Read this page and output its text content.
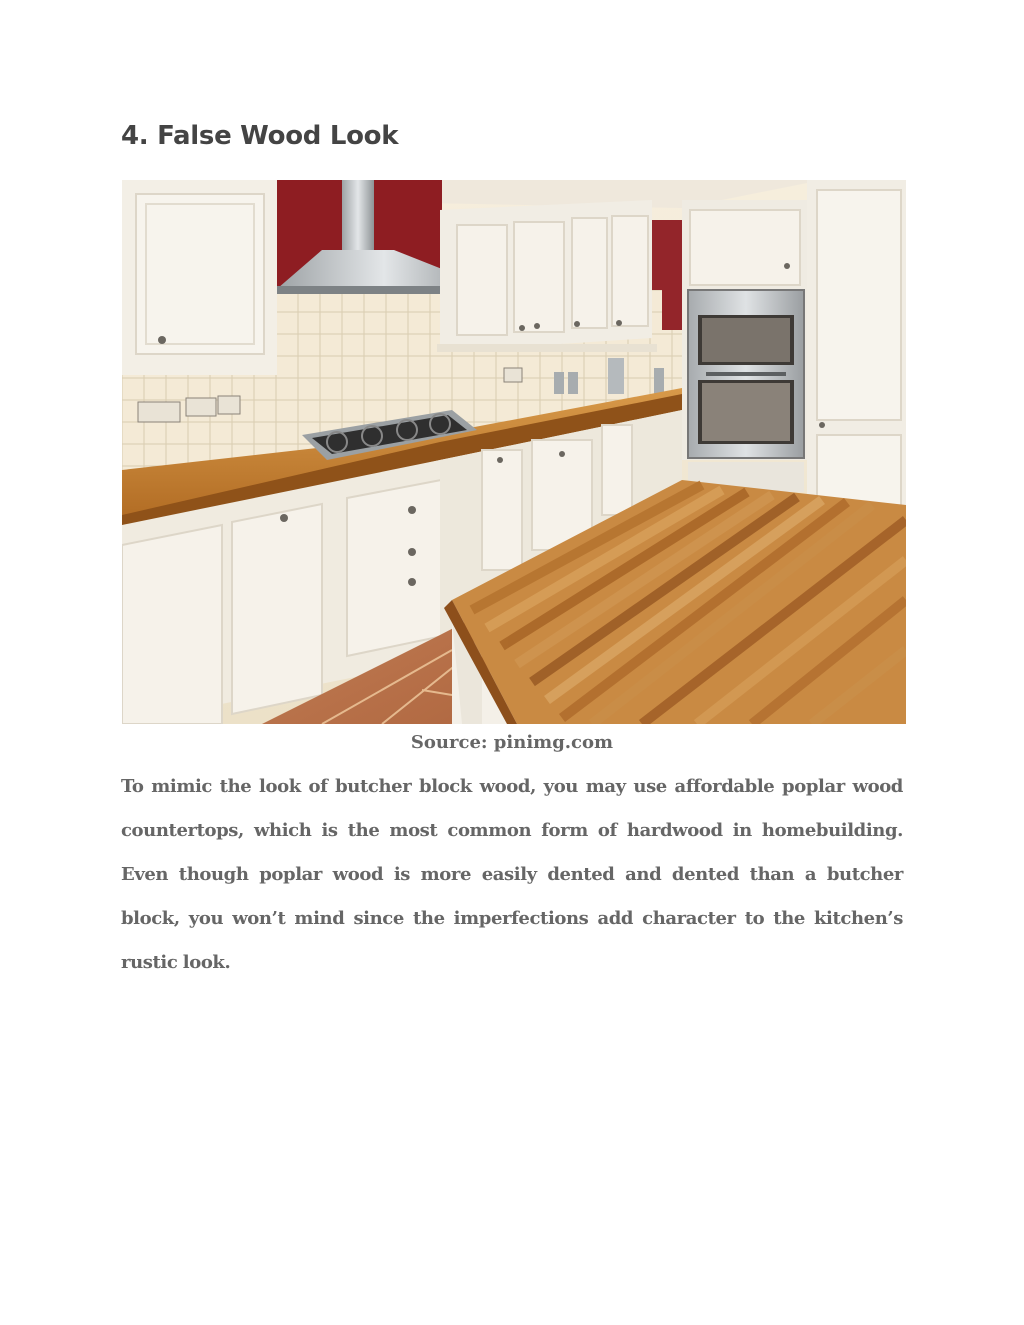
4. False Wood Look
Source: pinimg.com

To mimic the look of butcher block wood, you may use affordable poplar wood countertops, which is the most common form of hardwood in homebuilding. Even though poplar wood is more easily dented and dented than a butcher block, you won’t mind since the imperfections add character to the kitchen’s rustic look.
